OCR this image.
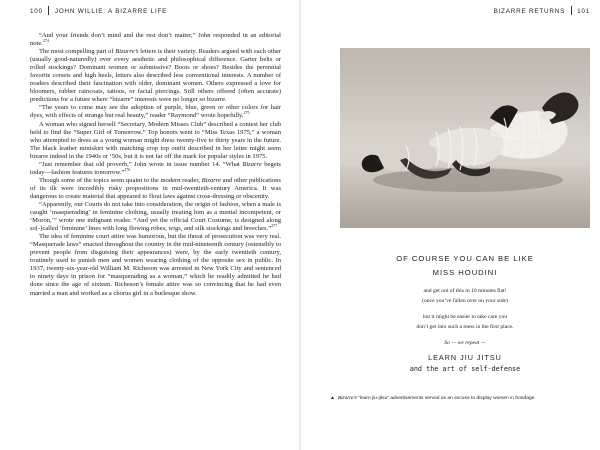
100 JOHN WILLIE: A BIZARRE LIFE

“And your friends don’t mind and the rest don’t matter,” John responded in an editorial note.$^{274}$

The most compelling part of Bizarre’s letters is their variety. Readers argued with each other (usually good-naturedly) over every aesthetic and philosophical difference. Garter belts or rolled stockings? Dominant women or submissive? Boots or shoes? Besides the perennial favorite corsets and high heels, letters also described less conventional interests. A number of readers described their fascination with older, dominant women. Others expressed a love for bloomers, rubber raincoats, tattoos, or facial piercings. Still others offered (often accurate) predictions for a future where “bizarre” interests were no longer so bizarre.

“The years to come may see the adoption of purple, blue, green or other colors for hair dyes, with effects of strange but real beauty,” reader “Raymond” wrote hopefully.$^{275}$

A woman who signed herself “Secretary, Modern Misses Club” described a contest her club held to find the “Super Girl of Tomorrow.” Top honors went to “Miss Texas 1975,” a woman who attempted to dress as a young woman might dress twenty-five to thirty years in the future. The black leather miniskirt with matching crop top outfit described in her letter might seem bizarre indeed in the 1940s or ’50s, but it is not far off the mark for popular styles in 1975.

“Just remember that old proverb,” John wrote in issue number 14. “What Bizarre begets today—fashion features tomorrow.”$^{276}$

Though some of the topics seem quaint to the modern reader, Bizarre and other publications of its ilk were incredibly risky propositions in mid-twentieth-century America. It was dangerous to create material that appeared to flout laws against cross-dressing or obscenity.

“Apparently, our Courts do not take into consideration, the origin of fashion, when a male is caught ‘masquerading’ in feminine clothing, usually treating him as a mental incompetent, or ‘Moron,’” wrote one indignant reader. “And yet the official Court Costume, is designed along so[-]called ‘feminine’ lines with long flowing robes, wigs, and silk stockings and breeches.”$^{277}$

The idea of feminine court attire was humorous, but the threat of prosecution was very real. “Masquerade laws” enacted throughout the country in the mid-nineteenth century (ostensibly to prevent people from disguising their appearances) were, by the early twentieth century, routinely used to punish men and women wearing clothing of the opposite sex in public. In 1937, twenty-six-year-old William M. Richeson was arrested in New York City and sentenced to ninety days in prison for “masquerading as a woman,” which he readily admitted he had done since the age of sixteen. Richeson’s female attire was so convincing that he had even married a man and worked as a chorus girl in a burlesque show.

BIZARRE RETURNS 101
OF COURSE YOU CAN BE LIKE
MISS HOUDINI
and get out of this in 10 minutes flat!
(once you’ve fallen over on your side)
but it might be easier to take care you
don’t get into such a mess in the first place.
So — we repeat —
LEARN JIU JITSU
and the art of self-defense
▲ Bizarre’s “learn jiu-jitsu” advertisements served as an excuse to display women in bondage.
